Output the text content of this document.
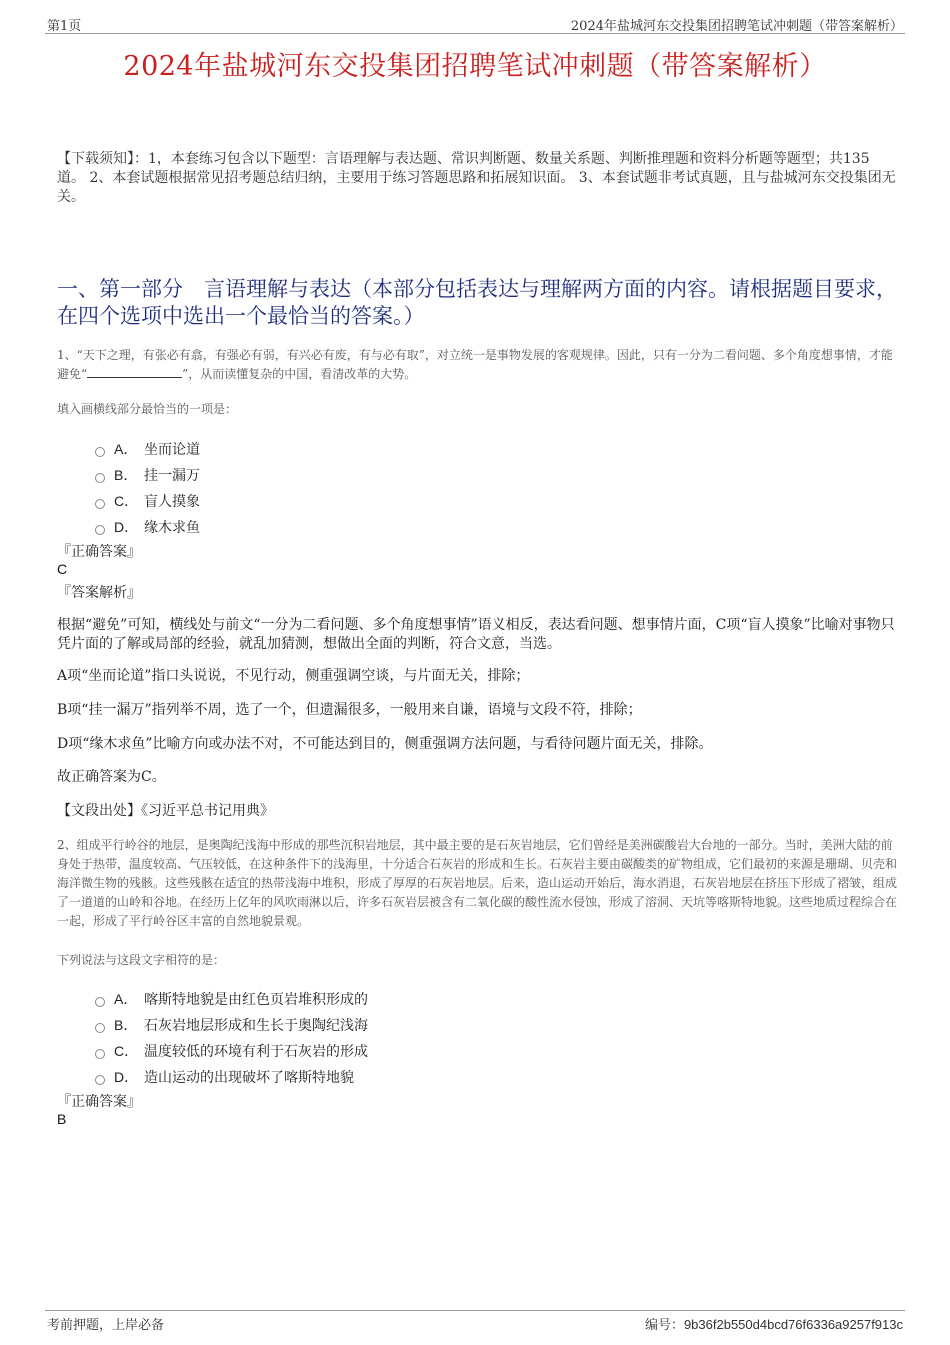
第1页	2024年盐城河东交投集团招聘笔试冲刺题（带答案解析）
2024年盐城河东交投集团招聘笔试冲刺题（带答案解析）
【下载须知】：1，本套练习包含以下题型：言语理解与表达题、常识判断题、数量关系题、判断推理题和资料分析题等题型；共135道。 2、本套试题根据常见招考题总结归纳，主要用于练习答题思路和拓展知识面。 3、本套试题非考试真题，且与盐城河东交投集团无关。
一、第一部分　言语理解与表达（本部分包括表达与理解两方面的内容。请根据题目要求，在四个选项中选出一个最恰当的答案。）
1、“天下之理，有张必有翕，有强必有弱，有兴必有废，有与必有取”，对立统一是事物发展的客观规律。因此，只有一分为二看问题、多个角度想事情，才能避免“	”，从而读懂复杂的中国，看清改革的大势。
填入画横线部分最恰当的一项是：
A． 坐而论道
B． 挂一漏万
C． 盲人摸象
D． 缘木求鱼
『正确答案』
C
『答案解析』
根据“避免”可知，横线处与前文“一分为二看问题、多个角度想事情”语义相反，表达看问题、想事情片面，C项“盲人摸象”比喻对事物只凭片面的了解或局部的经验，就乱加猜测，想做出全面的判断，符合文意，当选。
A项“坐而论道”指口头说说，不见行动，侧重强调空谈，与片面无关，排除；
B项“挂一漏万”指列举不周，选了一个，但遗漏很多，一般用来自谦，语境与文段不符，排除；
D项“缘木求鱼”比喻方向或办法不对，不可能达到目的，侧重强调方法问题，与看待问题片面无关，排除。
故正确答案为C。
【文段出处】《习近平总书记用典》
2、组成平行岭谷的地层，是奥陶纪浅海中形成的那些沉积岩地层，其中最主要的是石灰岩地层，它们曾经是美洲碳酸岩大台地的一部分。当时，美洲大陆的前身处于热带，温度较高、气压较低，在这种条件下的浅海里，十分适合石灰岩的形成和生长。石灰岩主要由碳酸类的矿物组成，它们最初的来源是珊瑚、贝壳和海洋微生物的残骸。这些残骸在适宜的热带浅海中堆积，形成了厚厚的石灰岩地层。后来，造山运动开始后，海水消退，石灰岩地层在挤压下形成了褶皱，组成了一道道的山岭和谷地。在经历上亿年的风吹雨淋以后，许多石灰岩层被含有二氧化碳的酸性流水侵蚀，形成了溶洞、天坑等喀斯特地貌。这些地质过程综合在一起，形成了平行岭谷区丰富的自然地貌景观。
下列说法与这段文字相符的是：
A． 喀斯特地貌是由红色页岩堆积形成的
B． 石灰岩地层形成和生长于奥陶纪浅海
C． 温度较低的环境有利于石灰岩的形成
D． 造山运动的出现破坏了喀斯特地貌
『正确答案』
B
考前押题，上岸必备	编号：9b36f2b550d4bcd76f6336a9257f913c
